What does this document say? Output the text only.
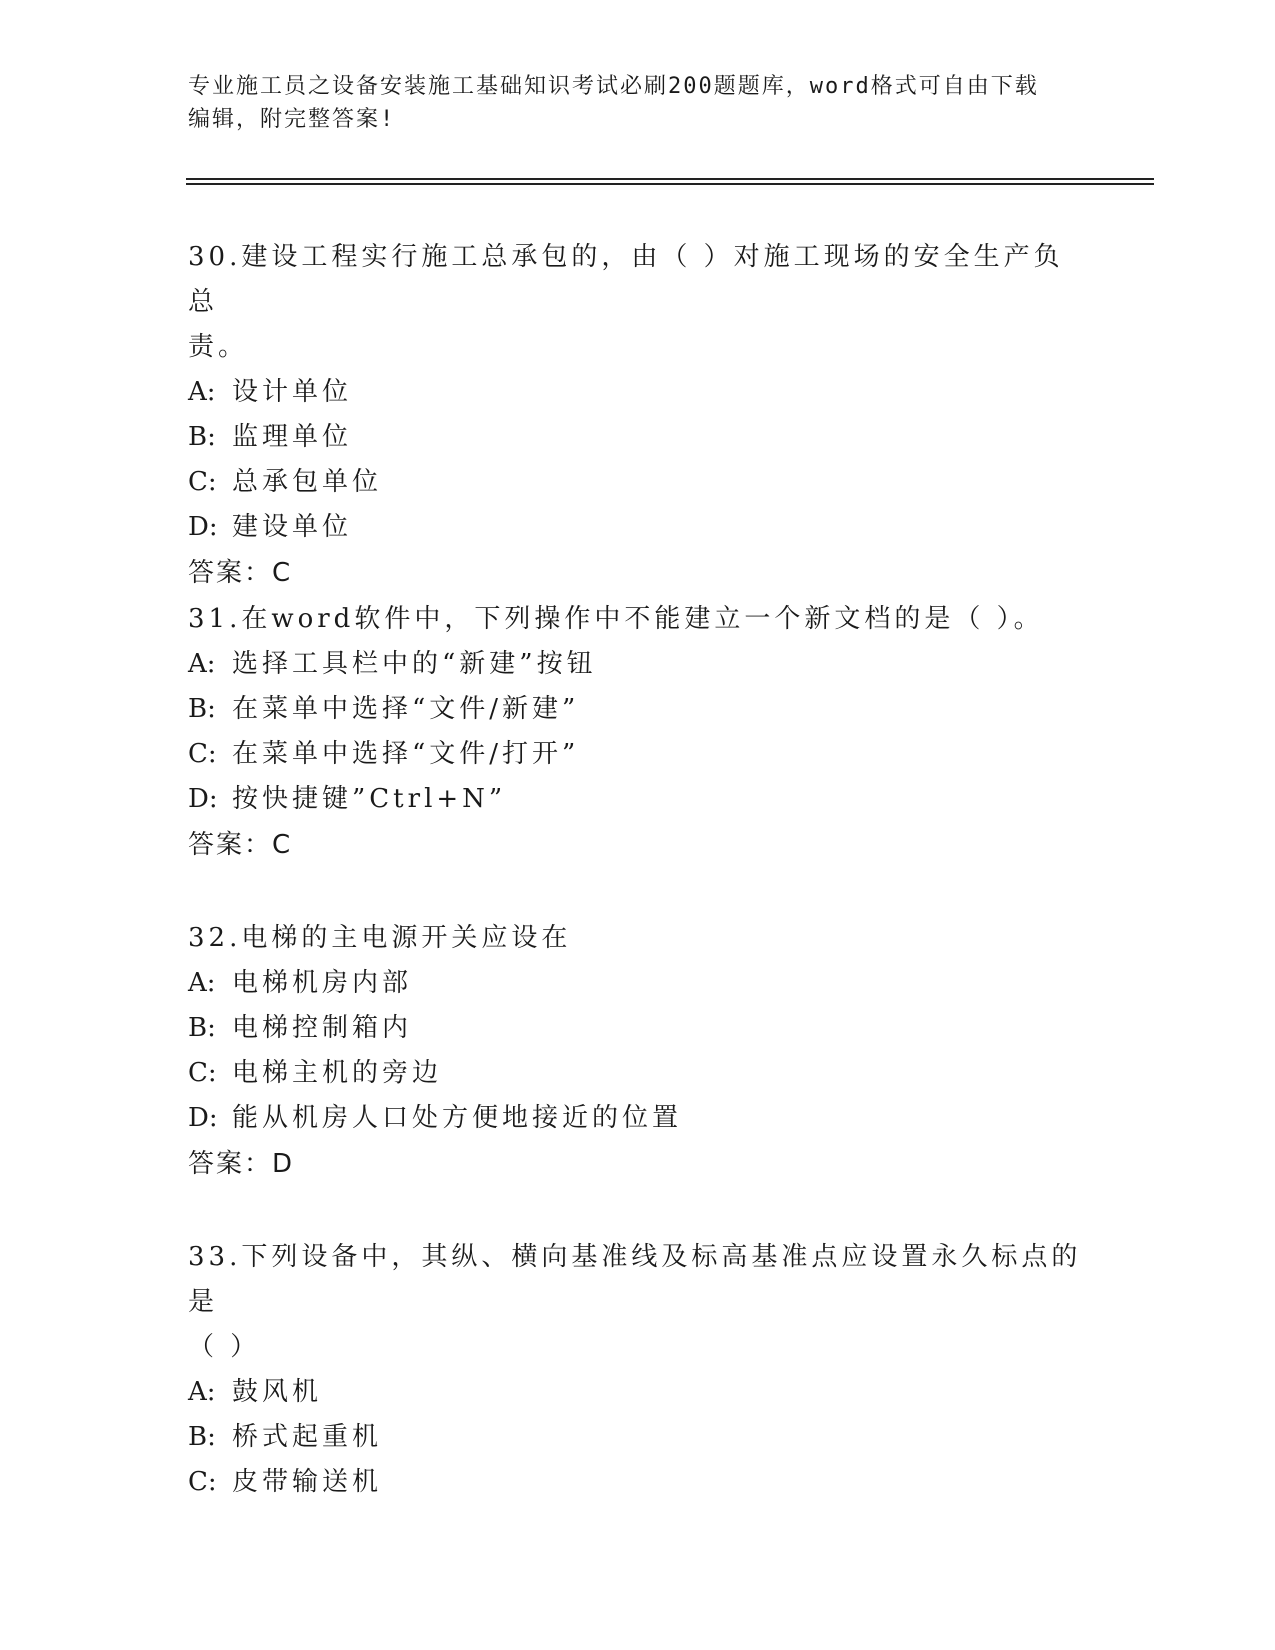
专业施工员之设备安装施工基础知识考试必刷200题题库，word格式可自由下载
编辑，附完整答案!

30.建设工程实行施工总承包的，由（ ）对施工现场的安全生产负总

责。

A: 设计单位

B: 监理单位

C: 总承包单位

D: 建设单位

答案：C

31.在word软件中，下列操作中不能建立一个新文档的是（ ）。

A: 选择工具栏中的“新建”按钮

B: 在菜单中选择“文件/新建”

C: 在菜单中选择“文件/打开”

D: 按快捷键”Ctrl+N”

答案：C

32.电梯的主电源开关应设在

A: 电梯机房内部

B: 电梯控制箱内

C: 电梯主机的旁边

D: 能从机房人口处方便地接近的位置

答案：D

33.下列设备中，其纵、横向基准线及标高基准点应设置永久标点的是

（ ）

A: 鼓风机

B: 桥式起重机

C: 皮带输送机
